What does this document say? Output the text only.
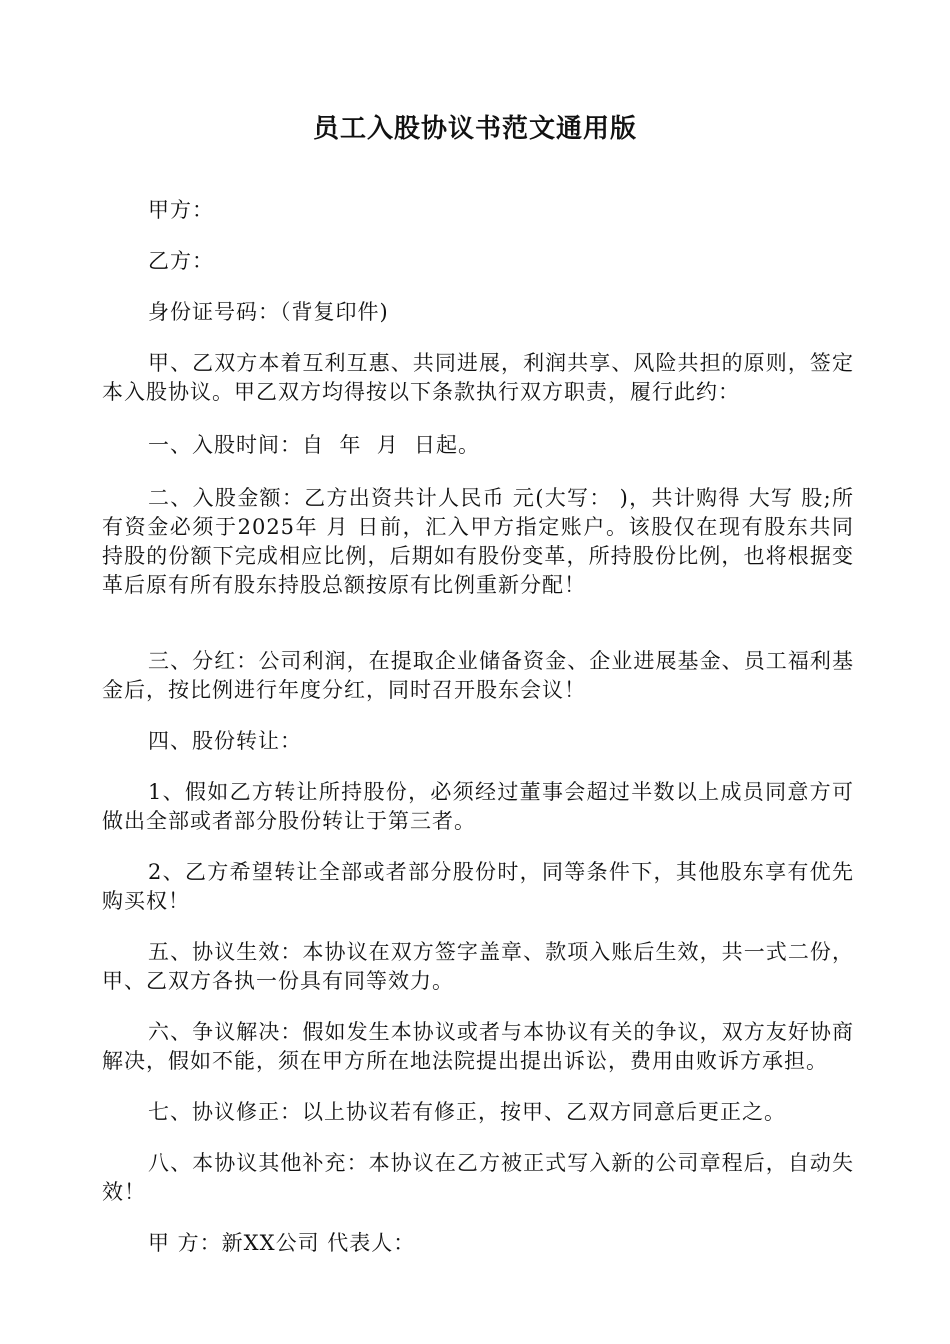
员工入股协议书范文通用版

甲方：

乙方：

身份证号码：（背复印件)

甲、乙双方本着互利互惠、共同进展，利润共享、风险共担的原则，签定本入股协议。甲乙双方均得按以下条款执行双方职责，履行此约：

一、入股时间：自  年  月  日起。

二、入股金额：乙方出资共计人民币 元(大写： )，共计购得 大写 股;所有资金必须于2025年 月 日前，汇入甲方指定账户。该股仅在现有股东共同持股的份额下完成相应比例，后期如有股份变革，所持股份比例，也将根据变革后原有所有股东持股总额按原有比例重新分配！

三、分红：公司利润，在提取企业储备资金、企业进展基金、员工福利基金后，按比例进行年度分红，同时召开股东会议！

四、股份转让：

1、假如乙方转让所持股份，必须经过董事会超过半数以上成员同意方可做出全部或者部分股份转让于第三者。

2、乙方希望转让全部或者部分股份时，同等条件下，其他股东享有优先购买权！

五、协议生效：本协议在双方签字盖章、款项入账后生效，共一式二份，甲、乙双方各执一份具有同等效力。

六、争议解决：假如发生本协议或者与本协议有关的争议，双方友好协商解决，假如不能，须在甲方所在地法院提出提出诉讼，费用由败诉方承担。

七、协议修正：以上协议若有修正，按甲、乙双方同意后更正之。

八、本协议其他补充：本协议在乙方被正式写入新的公司章程后，自动失效！

甲 方：新XX公司 代表人：
